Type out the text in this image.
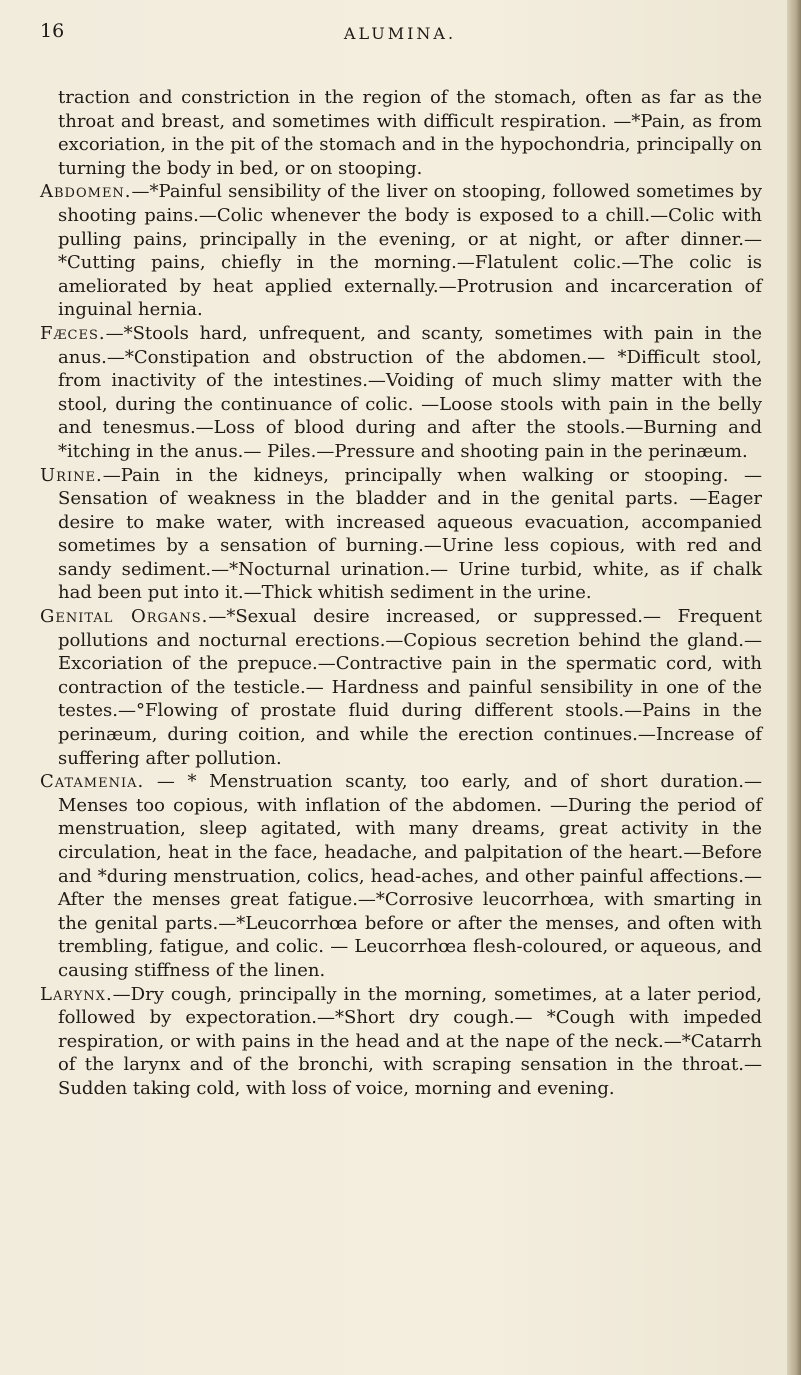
16	ALUMINA.

traction and constriction in the region of the stomach, often as far as the throat and breast, and sometimes with difficult respiration. —*Pain, as from excoriation, in the pit of the stomach and in the hypochondria, principally on turning the body in bed, or on stooping.

Abdomen.—*Painful sensibility of the liver on stooping, followed sometimes by shooting pains.—Colic whenever the body is exposed to a chill.—Colic with pulling pains, principally in the evening, or at night, or after dinner.—*Cutting pains, chiefly in the morning.—Flatulent colic.—The colic is ameliorated by heat applied externally.—Protrusion and incarceration of inguinal hernia.

Fæces.—*Stools hard, unfrequent, and scanty, sometimes with pain in the anus.—*Constipation and obstruction of the abdomen.— *Difficult stool, from inactivity of the intestines.—Voiding of much slimy matter with the stool, during the continuance of colic. —Loose stools with pain in the belly and tenesmus.—Loss of blood during and after the stools.—Burning and *itching in the anus.— Piles.—Pressure and shooting pain in the perinæum.

Urine.—Pain in the kidneys, principally when walking or stooping. —Sensation of weakness in the bladder and in the genital parts. —Eager desire to make water, with increased aqueous evacuation, accompanied sometimes by a sensation of burning.—Urine less copious, with red and sandy sediment.—*Nocturnal urination.— Urine turbid, white, as if chalk had been put into it.—Thick whitish sediment in the urine.

Genital Organs.—*Sexual desire increased, or suppressed.— Frequent pollutions and nocturnal erections.—Copious secretion behind the gland.—Excoriation of the prepuce.—Contractive pain in the spermatic cord, with contraction of the testicle.— Hardness and painful sensibility in one of the testes.—°Flowing of prostate fluid during different stools.—Pains in the perinæum, during coition, and while the erection continues.—Increase of suffering after pollution.

Catamenia. — * Menstruation scanty, too early, and of short duration.—Menses too copious, with inflation of the abdomen. —During the period of menstruation, sleep agitated, with many dreams, great activity in the circulation, heat in the face, headache, and palpitation of the heart.—Before and *during menstruation, colics, head-aches, and other painful affections.—After the menses great fatigue.—*Corrosive leucorrhœa, with smarting in the genital parts.—*Leucorrhœa before or after the menses, and often with trembling, fatigue, and colic. — Leucorrhœa flesh-coloured, or aqueous, and causing stiffness of the linen.

Larynx.—Dry cough, principally in the morning, sometimes, at a later period, followed by expectoration.—*Short dry cough.— *Cough with impeded respiration, or with pains in the head and at the nape of the neck.—*Catarrh of the larynx and of the bronchi, with scraping sensation in the throat.—Sudden taking cold, with loss of voice, morning and evening.
